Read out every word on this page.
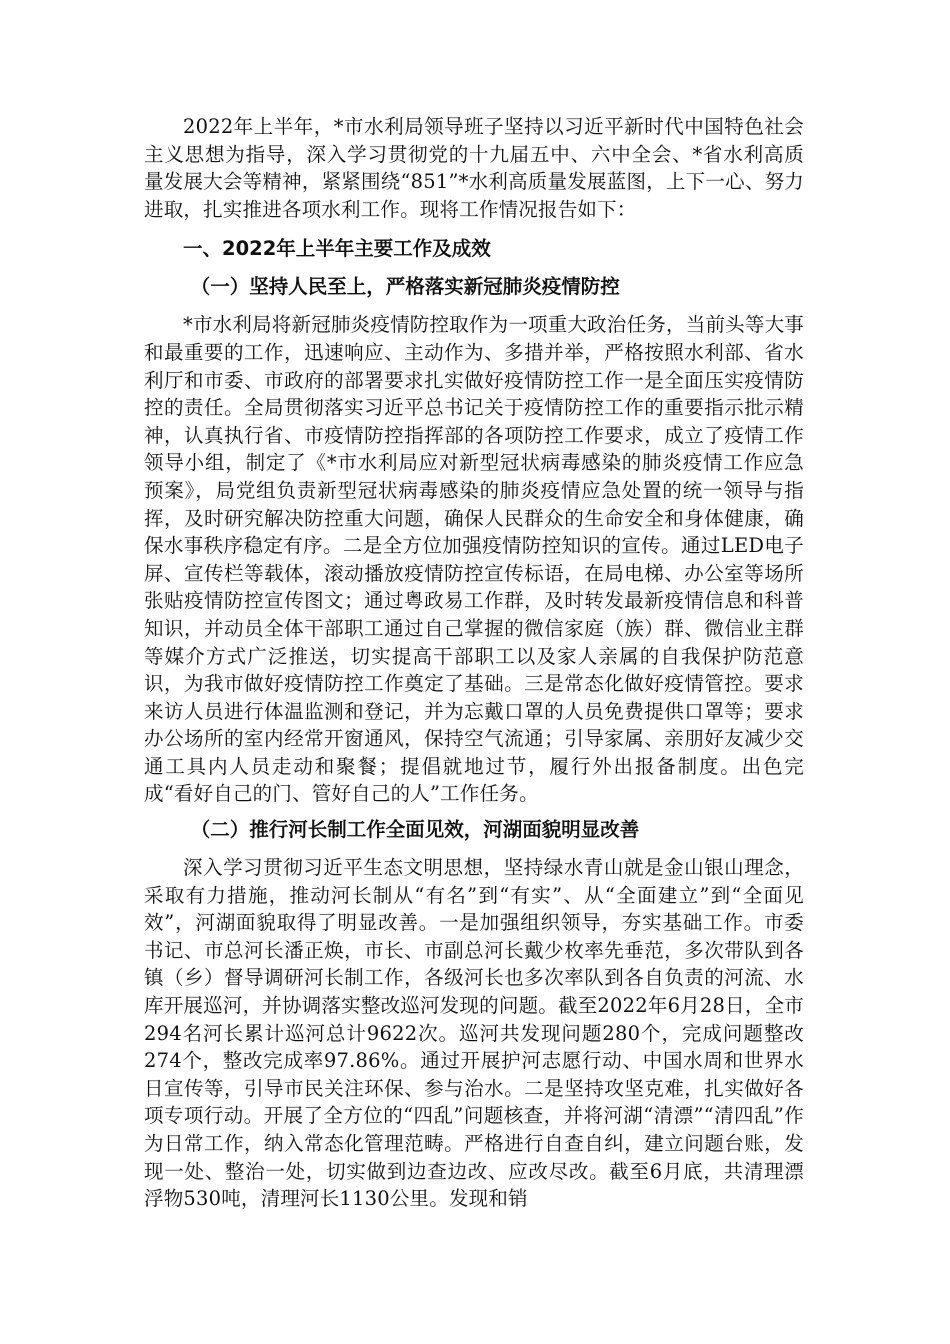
2022年上半年，*市水利局领导班子坚持以习近平新时代中国特色社会主义思想为指导，深入学习贯彻党的十九届五中、六中全会、*省水利高质量发展大会等精神，紧紧围绕“851”*水利高质量发展蓝图，上下一心、努力进取，扎实推进各项水利工作。现将工作情况报告如下：

一、2022年上半年主要工作及成效

（一）坚持人民至上，严格落实新冠肺炎疫情防控

*市水利局将新冠肺炎疫情防控取作为一项重大政治任务，当前头等大事和最重要的工作，迅速响应、主动作为、多措并举，严格按照水利部、省水利厅和市委、市政府的部署要求扎实做好疫情防控工作一是全面压实疫情防控的责任。全局贯彻落实习近平总书记关于疫情防控工作的重要指示批示精神，认真执行省、市疫情防控指挥部的各项防控工作要求，成立了疫情工作领导小组，制定了《*市水利局应对新型冠状病毒感染的肺炎疫情工作应急预案》，局党组负责新型冠状病毒感染的肺炎疫情应急处置的统一领导与指挥，及时研究解决防控重大问题，确保人民群众的生命安全和身体健康，确保水事秩序稳定有序。二是全方位加强疫情防控知识的宣传。通过LED电子屏、宣传栏等载体，滚动播放疫情防控宣传标语，在局电梯、办公室等场所张贴疫情防控宣传图文；通过粤政易工作群，及时转发最新疫情信息和科普知识，并动员全体干部职工通过自己掌握的微信家庭（族）群、微信业主群等媒介方式广泛推送，切实提高干部职工以及家人亲属的自我保护防范意识，为我市做好疫情防控工作奠定了基础。三是常态化做好疫情管控。要求来访人员进行体温监测和登记，并为忘戴口罩的人员免费提供口罩等；要求办公场所的室内经常开窗通风，保持空气流通；引导家属、亲朋好友减少交通工具内人员走动和聚餐；提倡就地过节，履行外出报备制度。出色完成“看好自己的门、管好自己的人”工作任务。

（二）推行河长制工作全面见效，河湖面貌明显改善

深入学习贯彻习近平生态文明思想，坚持绿水青山就是金山银山理念，采取有力措施，推动河长制从“有名”到“有实”、从“全面建立”到“全面见效”，河湖面貌取得了明显改善。一是加强组织领导，夯实基础工作。市委书记、市总河长潘正焕，市长、市副总河长戴少枚率先垂范，多次带队到各镇（乡）督导调研河长制工作，各级河长也多次率队到各自负责的河流、水库开展巡河，并协调落实整改巡河发现的问题。截至2022年6月28日，全市294名河长累计巡河总计9622次。巡河共发现问题280个，完成问题整改274个，整改完成率97.86%。通过开展护河志愿行动、中国水周和世界水日宣传等，引导市民关注环保、参与治水。二是坚持攻坚克难，扎实做好各项专项行动。开展了全方位的“四乱”问题核查，并将河湖“清漂”“清四乱”作为日常工作，纳入常态化管理范畴。严格进行自查自纠，建立问题台账，发现一处、整治一处，切实做到边查边改、应改尽改。截至6月底，共清理漂浮物530吨，清理河长1130公里。发现和销
